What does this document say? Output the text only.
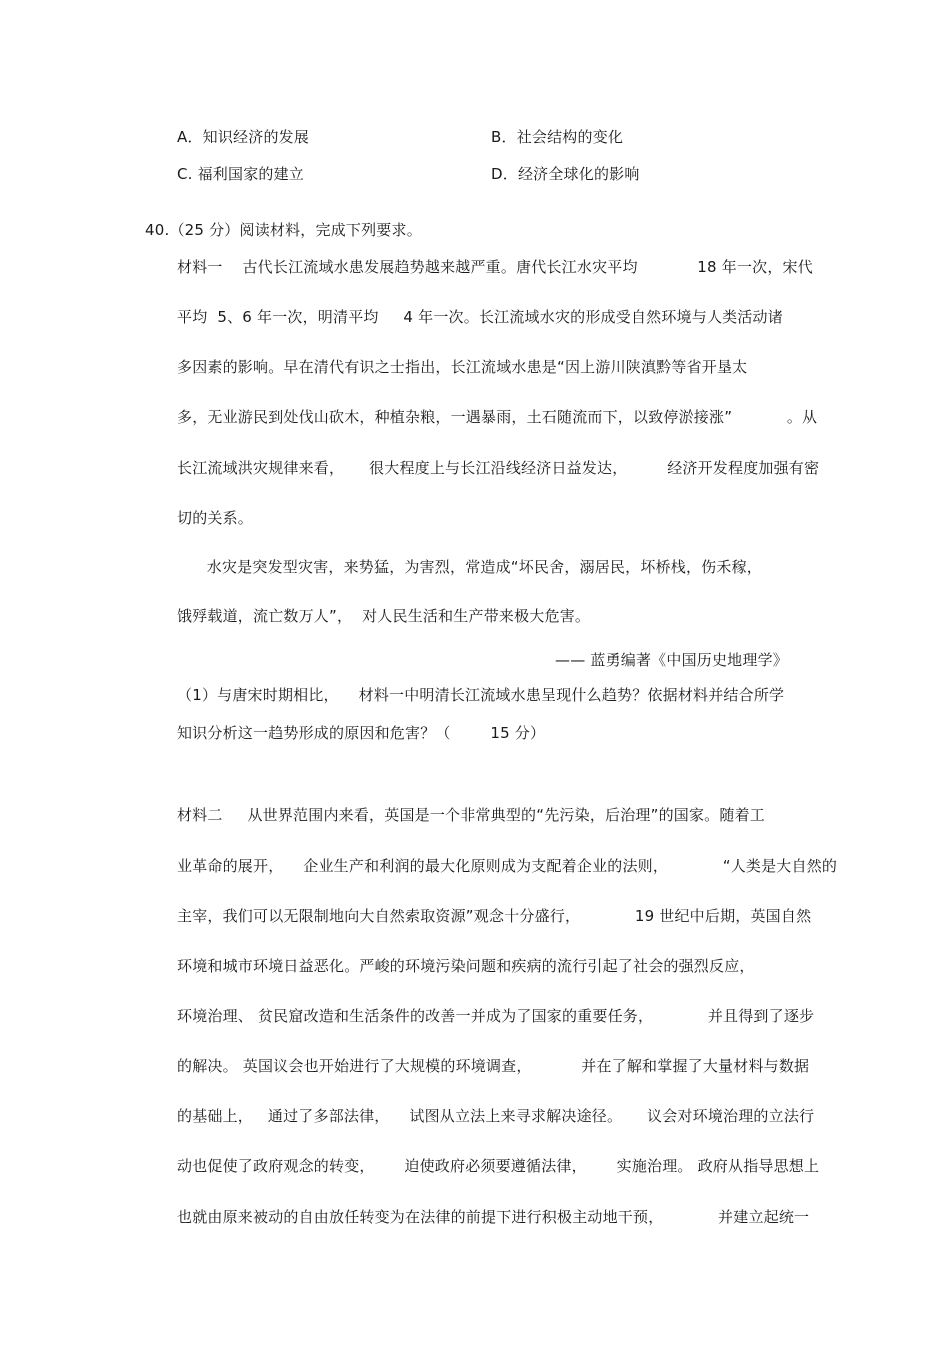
A．知识经济的发展	B．社会结构的变化
C. 福利国家的建立	D．经济全球化的影响
40.（25 分）阅读材料，完成下列要求。
材料一    古代长江流域水患发展趋势越来越严重。唐代长江水灾平均            18 年一次，宋代
平均  5、6 年一次，明清平均     4 年一次。长江流域水灾的形成受自然环境与人类活动诸
多因素的影响。早在清代有识之士指出，长江流域水患是“因上游川陕滇黔等省开垦太
多，无业游民到处伐山砍木，种植杂粮，一遇暴雨，土石随流而下，以致停淤接涨”           。从
长江流域洪灾规律来看，     很大程度上与长江沿线经济日益发达，        经济开发程度加强有密
切的关系。
水灾是突发型灾害，来势猛，为害烈，常造成“坏民舍，溺居民，坏桥栈，伤禾稼，
饿殍载道，流亡数万人”，  对人民生活和生产带来极大危害。
—— 蓝勇编著《中国历史地理学》
（1）与唐宋时期相比，    材料一中明清长江流域水患呈现什么趋势？依据材料并结合所学
知识分析这一趋势形成的原因和危害？（        15 分）
材料二     从世界范围内来看，英国是一个非常典型的“先污染，后治理”的国家。随着工
业革命的展开，    企业生产和利润的最大化原则成为支配着企业的法则，           “人类是大自然的
主宰，我们可以无限制地向大自然索取资源”观念十分盛行，           19 世纪中后期，英国自然
环境和城市环境日益恶化。严峻的环境污染问题和疾病的流行引起了社会的强烈反应，
环境治理、 贫民窟改造和生活条件的改善一并成为了国家的重要任务，           并且得到了逐步
的解决。 英国议会也开始进行了大规模的环境调查，          并在了解和掌握了大量材料与数据
的基础上，   通过了多部法律，    试图从立法上来寻求解决途径。     议会对环境治理的立法行
动也促使了政府观念的转变，      迫使政府必须要遵循法律，      实施治理。 政府从指导思想上
也就由原来被动的自由放任转变为在法律的前提下进行积极主动地干预，           并建立起统一
